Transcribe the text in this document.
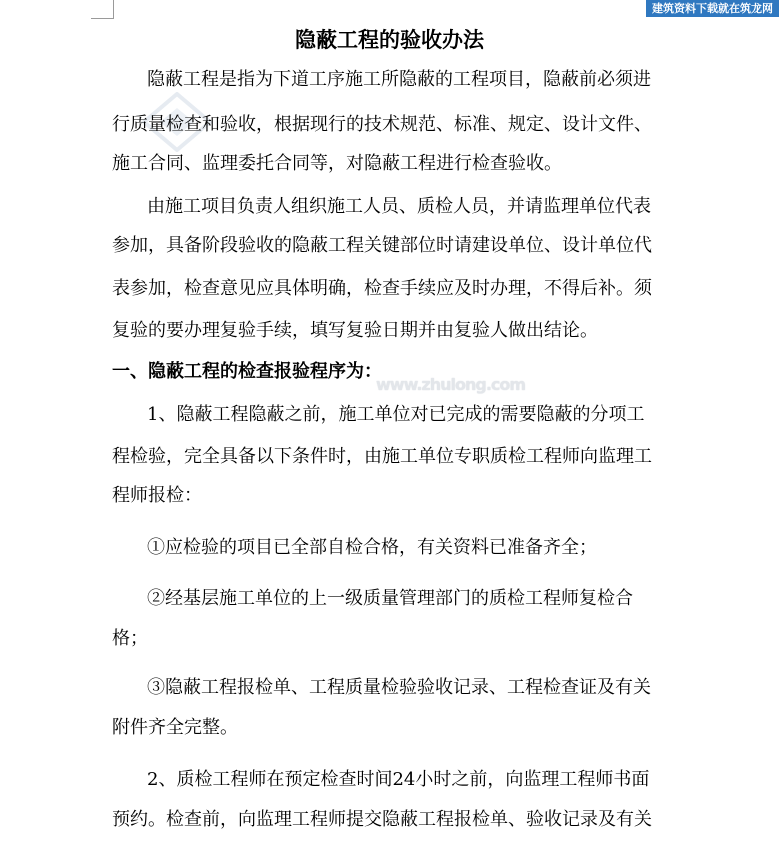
建筑资料下载就在筑龙网
www.zhulong.com
隐蔽工程的验收办法
隐蔽工程是指为下道工序施工所隐蔽的工程项目，隐蔽前必须进
行质量检查和验收，根据现行的技术规范、标准、规定、设计文件、
施工合同、监理委托合同等，对隐蔽工程进行检查验收。
由施工项目负责人组织施工人员、质检人员，并请监理单位代表
参加，具备阶段验收的隐蔽工程关键部位时请建设单位、设计单位代
表参加，检查意见应具体明确，检查手续应及时办理，不得后补。须
复验的要办理复验手续，填写复验日期并由复验人做出结论。
一、隐蔽工程的检查报验程序为：
1、隐蔽工程隐蔽之前，施工单位对已完成的需要隐蔽的分项工
程检验，完全具备以下条件时，由施工单位专职质检工程师向监理工
程师报检：
①应检验的项目已全部自检合格，有关资料已准备齐全；
②经基层施工单位的上一级质量管理部门的质检工程师复检合
格；
③隐蔽工程报检单、工程质量检验验收记录、工程检查证及有关
附件齐全完整。
2、质检工程师在预定检查时间24小时之前，向监理工程师书面
预约。检查前，向监理工程师提交隐蔽工程报检单、验收记录及有关
